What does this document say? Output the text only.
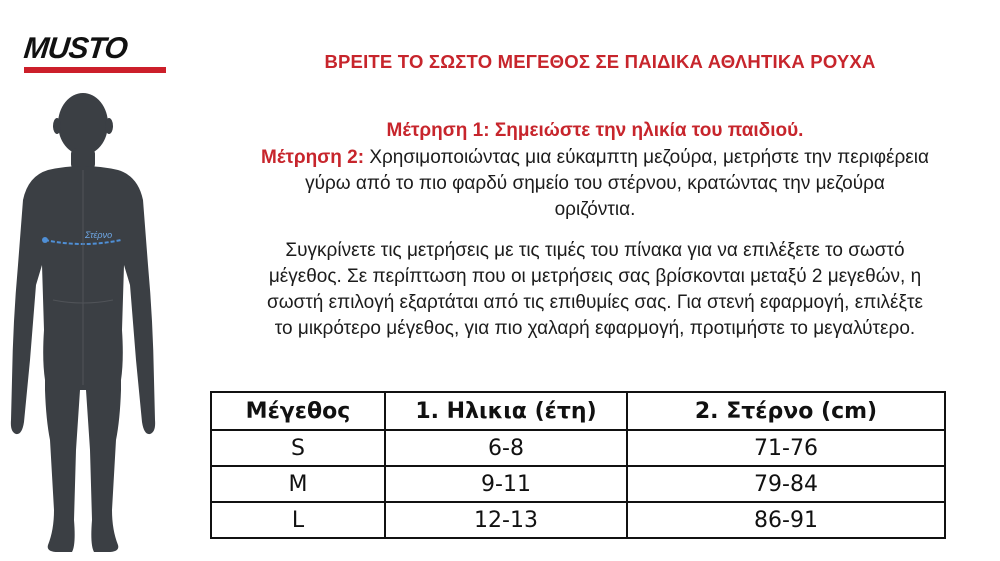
MUSTO
Στέρνο
ΒΡΕΙΤΕ ΤΟ ΣΩΣΤΟ ΜΕΓΕΘΟΣ ΣΕ ΠΑΙΔΙΚΑ ΑΘΛΗΤΙΚΑ ΡΟΥΧΑ
Μέτρηση 1: Σημειώστε την ηλικία του παιδιού.
Μέτρηση 2: Χρησιμοποιώντας μια εύκαμπτη μεζούρα, μετρήστε την περιφέρεια
γύρω από το πιο φαρδύ σημείο του στέρνου, κρατώντας την μεζούρα
οριζόντια.
Συγκρίνετε τις μετρήσεις με τις τιμές του πίνακα για να επιλέξετε το σωστό
μέγεθος. Σε περίπτωση που οι μετρήσεις σας βρίσκονται μεταξύ 2 μεγεθών, η
σωστή επιλογή εξαρτάται από τις επιθυμίες σας. Για στενή εφαρμογή, επιλέξτε
το μικρότερο μέγεθος, για πιο χαλαρή εφαρμογή, προτιμήστε το μεγαλύτερο.
Μέγεθος	1. Ηλικια (έτη)	2. Στέρνο (cm)
S	6-8	71-76
M	9-11	79-84
L	12-13	86-91
